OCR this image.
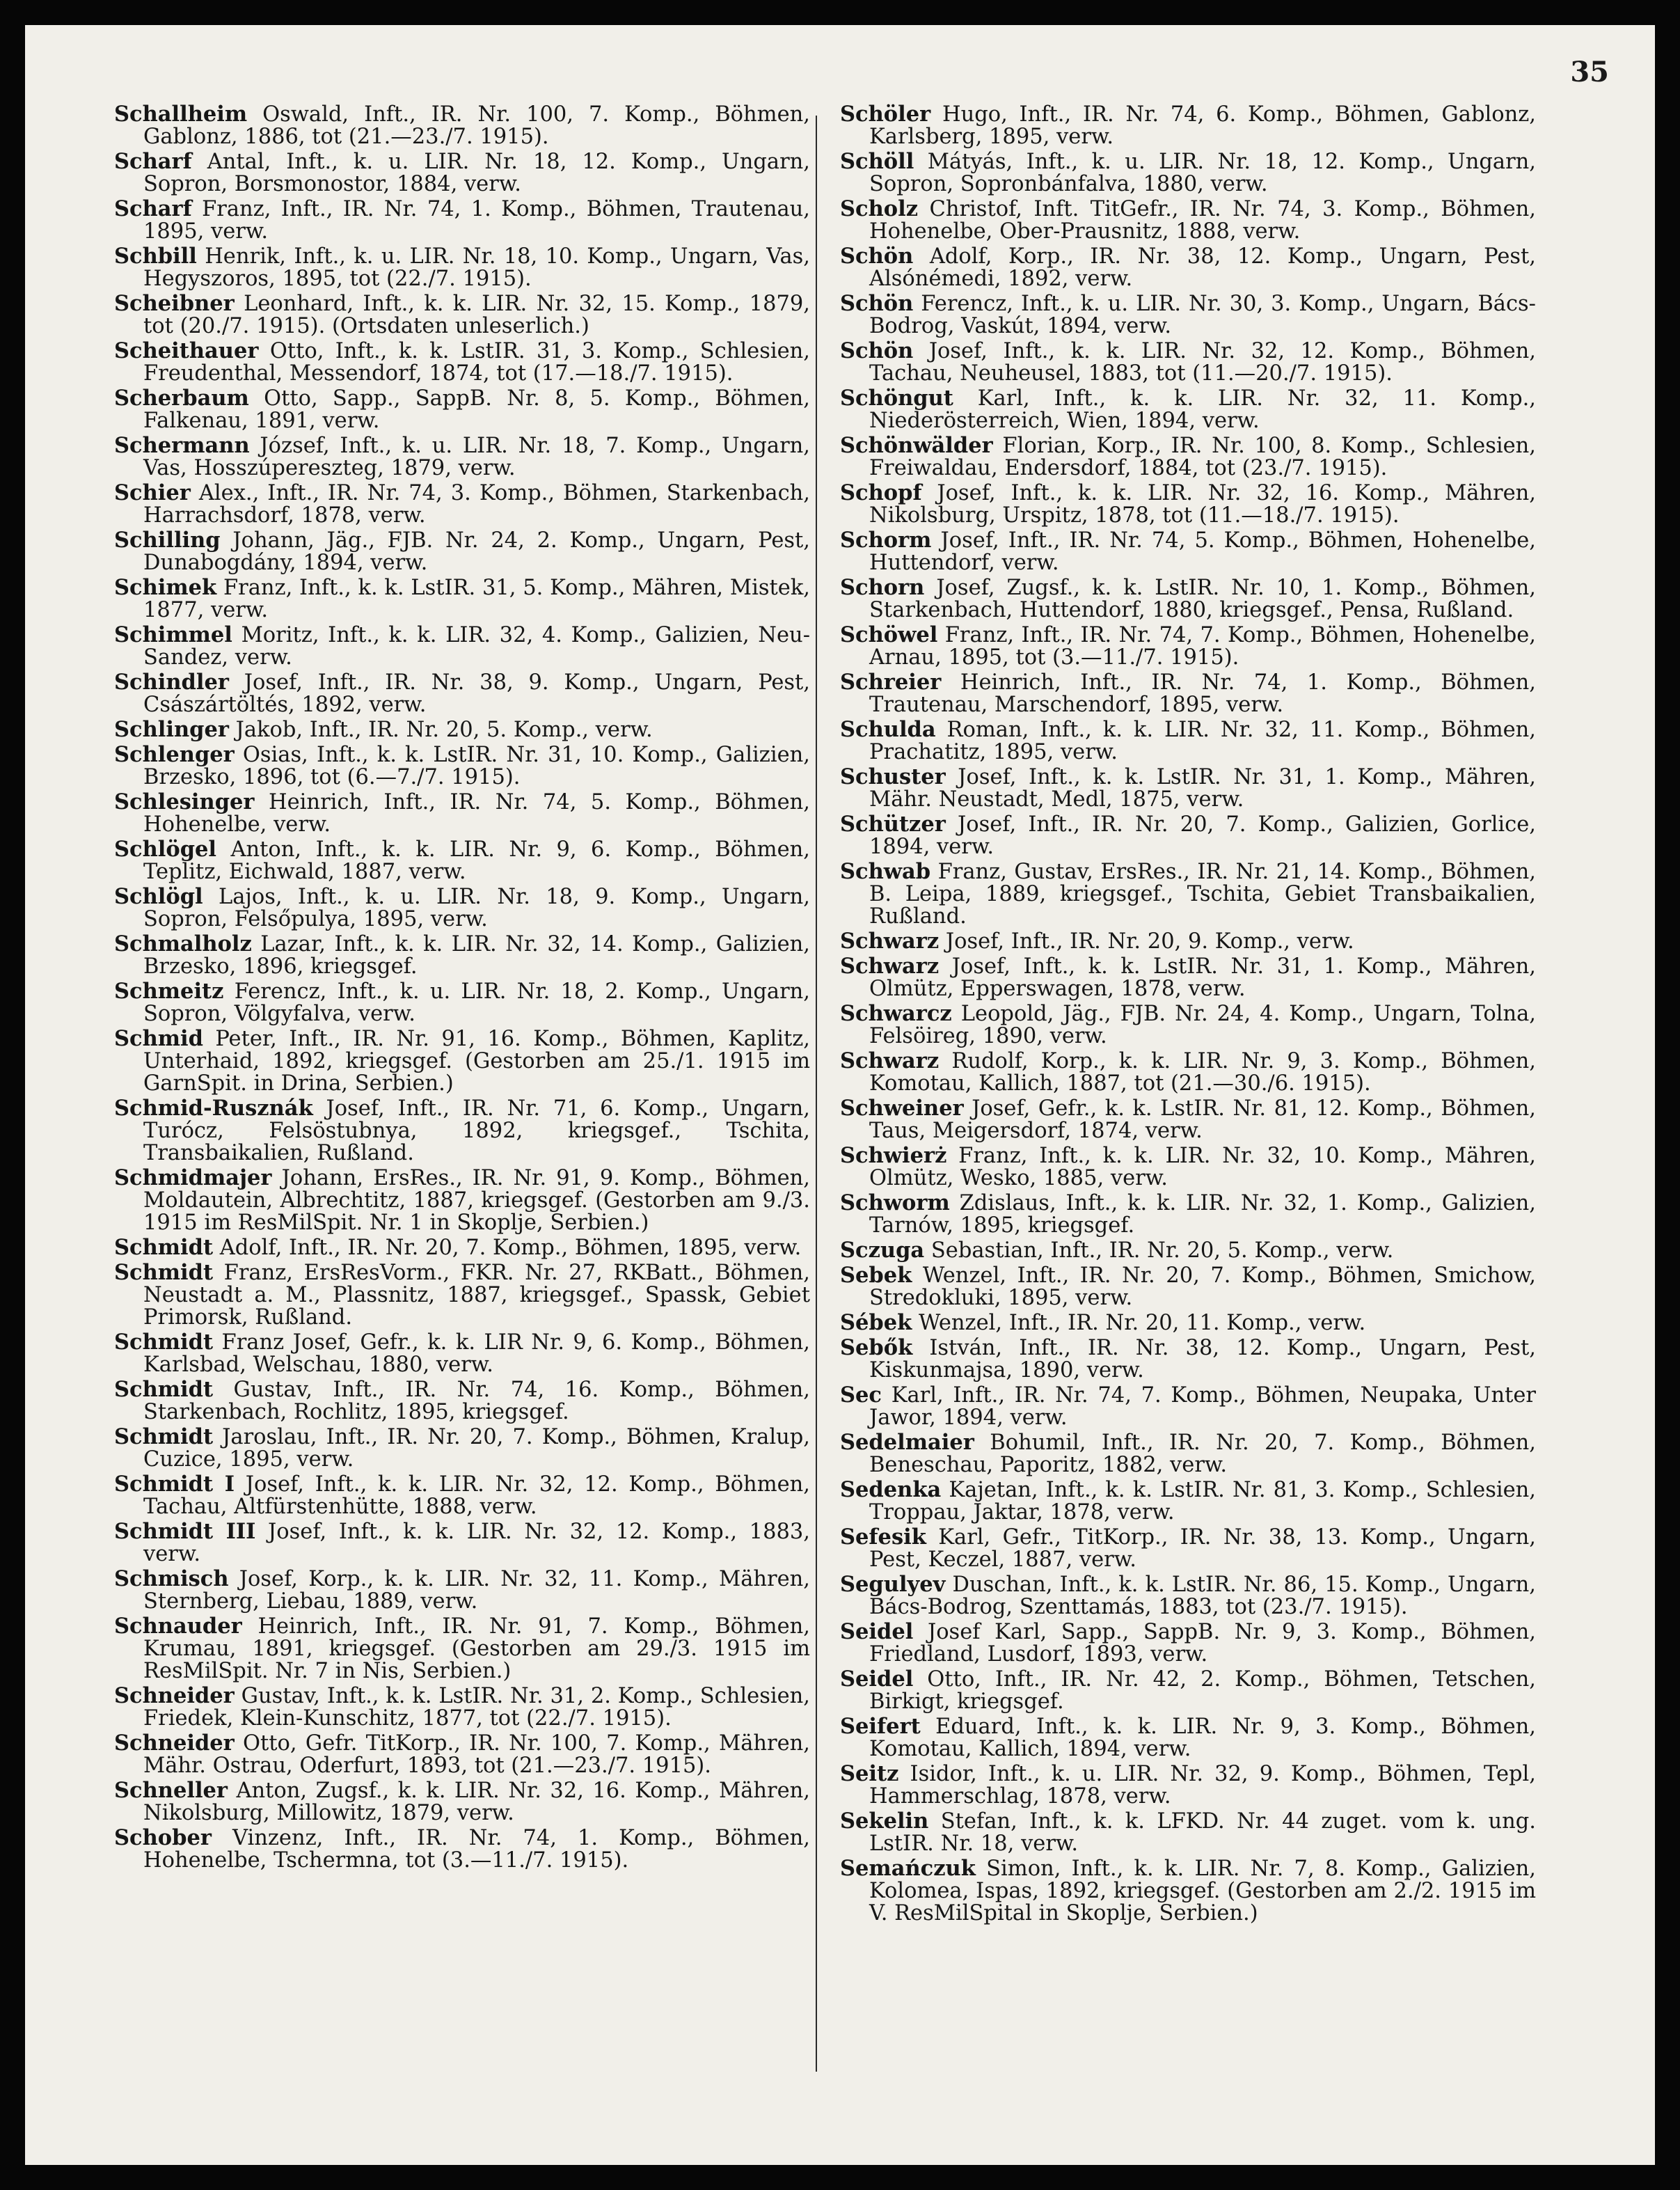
35

Schallheim Oswald, Inft., IR. Nr. 100, 7. Komp., Böhmen, Gablonz, 1886, tot (21.—23./7. 1915).

Scharf Antal, Inft., k. u. LIR. Nr. 18, 12. Komp., Ungarn, Sopron, Borsmonostor, 1884, verw.

Scharf Franz, Inft., IR. Nr. 74, 1. Komp., Böhmen, Trautenau, 1895, verw.

Schbill Henrik, Inft., k. u. LIR. Nr. 18, 10. Komp., Ungarn, Vas, Hegyszoros, 1895, tot (22./7. 1915).

Scheibner Leonhard, Inft., k. k. LIR. Nr. 32, 15. Komp., 1879, tot (20./7. 1915). (Ortsdaten unleserlich.)

Scheithauer Otto, Inft., k. k. LstIR. 31, 3. Komp., Schlesien, Freudenthal, Messendorf, 1874, tot (17.—18./7. 1915).

Scherbaum Otto, Sapp., SappB. Nr. 8, 5. Komp., Böhmen, Falkenau, 1891, verw.

Schermann József, Inft., k. u. LIR. Nr. 18, 7. Komp., Ungarn, Vas, Hosszúpereszteg, 1879, verw.

Schier Alex., Inft., IR. Nr. 74, 3. Komp., Böhmen, Starkenbach, Harrachsdorf, 1878, verw.

Schilling Johann, Jäg., FJB. Nr. 24, 2. Komp., Ungarn, Pest, Dunabogdány, 1894, verw.

Schimek Franz, Inft., k. k. LstIR. 31, 5. Komp., Mähren, Mistek, 1877, verw.

Schimmel Moritz, Inft., k. k. LIR. 32, 4. Komp., Galizien, Neu-Sandez, verw.

Schindler Josef, Inft., IR. Nr. 38, 9. Komp., Ungarn, Pest, Császártöltés, 1892, verw.

Schlinger Jakob, Inft., IR. Nr. 20, 5. Komp., verw.

Schlenger Osias, Inft., k. k. LstIR. Nr. 31, 10. Komp., Galizien, Brzesko, 1896, tot (6.—7./7. 1915).

Schlesinger Heinrich, Inft., IR. Nr. 74, 5. Komp., Böhmen, Hohenelbe, verw.

Schlögel Anton, Inft., k. k. LIR. Nr. 9, 6. Komp., Böhmen, Teplitz, Eichwald, 1887, verw.

Schlögl Lajos, Inft., k. u. LIR. Nr. 18, 9. Komp., Ungarn, Sopron, Felsőpulya, 1895, verw.

Schmalholz Lazar, Inft., k. k. LIR. Nr. 32, 14. Komp., Galizien, Brzesko, 1896, kriegsgef.

Schmeitz Ferencz, Inft., k. u. LIR. Nr. 18, 2. Komp., Ungarn, Sopron, Völgyfalva, verw.

Schmid Peter, Inft., IR. Nr. 91, 16. Komp., Böhmen, Kaplitz, Unterhaid, 1892, kriegsgef. (Gestorben am 25./1. 1915 im GarnSpit. in Drina, Serbien.)

Schmid-Rusznák Josef, Inft., IR. Nr. 71, 6. Komp., Ungarn, Turócz, Felsöstubnya, 1892, kriegsgef., Tschita, Transbaikalien, Rußland.

Schmidmajer Johann, ErsRes., IR. Nr. 91, 9. Komp., Böhmen, Moldautein, Albrechtitz, 1887, kriegsgef. (Gestorben am 9./3. 1915 im ResMilSpit. Nr. 1 in Skoplje, Serbien.)

Schmidt Adolf, Inft., IR. Nr. 20, 7. Komp., Böhmen, 1895, verw.

Schmidt Franz, ErsResVorm., FKR. Nr. 27, RKBatt., Böhmen, Neustadt a. M., Plassnitz, 1887, kriegsgef., Spassk, Gebiet Primorsk, Rußland.

Schmidt Franz Josef, Gefr., k. k. LIR Nr. 9, 6. Komp., Böhmen, Karlsbad, Welschau, 1880, verw.

Schmidt Gustav, Inft., IR. Nr. 74, 16. Komp., Böhmen, Starkenbach, Rochlitz, 1895, kriegsgef.

Schmidt Jaroslau, Inft., IR. Nr. 20, 7. Komp., Böhmen, Kralup, Cuzice, 1895, verw.

Schmidt I Josef, Inft., k. k. LIR. Nr. 32, 12. Komp., Böhmen, Tachau, Altfürstenhütte, 1888, verw.

Schmidt III Josef, Inft., k. k. LIR. Nr. 32, 12. Komp., 1883, verw.

Schmisch Josef, Korp., k. k. LIR. Nr. 32, 11. Komp., Mähren, Sternberg, Liebau, 1889, verw.

Schnauder Heinrich, Inft., IR. Nr. 91, 7. Komp., Böhmen, Krumau, 1891, kriegsgef. (Gestorben am 29./3. 1915 im ResMilSpit. Nr. 7 in Nis, Serbien.)

Schneider Gustav, Inft., k. k. LstIR. Nr. 31, 2. Komp., Schlesien, Friedek, Klein-Kunschitz, 1877, tot (22./7. 1915).

Schneider Otto, Gefr. TitKorp., IR. Nr. 100, 7. Komp., Mähren, Mähr. Ostrau, Oderfurt, 1893, tot (21.—23./7. 1915).

Schneller Anton, Zugsf., k. k. LIR. Nr. 32, 16. Komp., Mähren, Nikolsburg, Millowitz, 1879, verw.

Schober Vinzenz, Inft., IR. Nr. 74, 1. Komp., Böhmen, Hohenelbe, Tschermna, tot (3.—11./7. 1915).

Schöler Hugo, Inft., IR. Nr. 74, 6. Komp., Böhmen, Gablonz, Karlsberg, 1895, verw.

Schöll Mátyás, Inft., k. u. LIR. Nr. 18, 12. Komp., Ungarn, Sopron, Sopronbánfalva, 1880, verw.

Scholz Christof, Inft. TitGefr., IR. Nr. 74, 3. Komp., Böhmen, Hohenelbe, Ober-Prausnitz, 1888, verw.

Schön Adolf, Korp., IR. Nr. 38, 12. Komp., Ungarn, Pest, Alsónémedi, 1892, verw.

Schön Ferencz, Inft., k. u. LIR. Nr. 30, 3. Komp., Ungarn, Bács-Bodrog, Vaskút, 1894, verw.

Schön Josef, Inft., k. k. LIR. Nr. 32, 12. Komp., Böhmen, Tachau, Neuheusel, 1883, tot (11.—20./7. 1915).

Schöngut Karl, Inft., k. k. LIR. Nr. 32, 11. Komp., Niederösterreich, Wien, 1894, verw.

Schönwälder Florian, Korp., IR. Nr. 100, 8. Komp., Schlesien, Freiwaldau, Endersdorf, 1884, tot (23./7. 1915).

Schopf Josef, Inft., k. k. LIR. Nr. 32, 16. Komp., Mähren, Nikolsburg, Urspitz, 1878, tot (11.—18./7. 1915).

Schorm Josef, Inft., IR. Nr. 74, 5. Komp., Böhmen, Hohenelbe, Huttendorf, verw.

Schorn Josef, Zugsf., k. k. LstIR. Nr. 10, 1. Komp., Böhmen, Starkenbach, Huttendorf, 1880, kriegsgef., Pensa, Rußland.

Schöwel Franz, Inft., IR. Nr. 74, 7. Komp., Böhmen, Hohenelbe, Arnau, 1895, tot (3.—11./7. 1915).

Schreier Heinrich, Inft., IR. Nr. 74, 1. Komp., Böhmen, Trautenau, Marschendorf, 1895, verw.

Schulda Roman, Inft., k. k. LIR. Nr. 32, 11. Komp., Böhmen, Prachatitz, 1895, verw.

Schuster Josef, Inft., k. k. LstIR. Nr. 31, 1. Komp., Mähren, Mähr. Neustadt, Medl, 1875, verw.

Schützer Josef, Inft., IR. Nr. 20, 7. Komp., Galizien, Gorlice, 1894, verw.

Schwab Franz, Gustav, ErsRes., IR. Nr. 21, 14. Komp., Böhmen, B. Leipa, 1889, kriegsgef., Tschita, Gebiet Transbaikalien, Rußland.

Schwarz Josef, Inft., IR. Nr. 20, 9. Komp., verw.

Schwarz Josef, Inft., k. k. LstIR. Nr. 31, 1. Komp., Mähren, Olmütz, Epperswagen, 1878, verw.

Schwarcz Leopold, Jäg., FJB. Nr. 24, 4. Komp., Ungarn, Tolna, Felsöireg, 1890, verw.

Schwarz Rudolf, Korp., k. k. LIR. Nr. 9, 3. Komp., Böhmen, Komotau, Kallich, 1887, tot (21.—30./6. 1915).

Schweiner Josef, Gefr., k. k. LstIR. Nr. 81, 12. Komp., Böhmen, Taus, Meigersdorf, 1874, verw.

Schwierż Franz, Inft., k. k. LIR. Nr. 32, 10. Komp., Mähren, Olmütz, Wesko, 1885, verw.

Schworm Zdislaus, Inft., k. k. LIR. Nr. 32, 1. Komp., Galizien, Tarnów, 1895, kriegsgef.

Sczuga Sebastian, Inft., IR. Nr. 20, 5. Komp., verw.

Sebek Wenzel, Inft., IR. Nr. 20, 7. Komp., Böhmen, Smichow, Stredokluki, 1895, verw.

Sébek Wenzel, Inft., IR. Nr. 20, 11. Komp., verw.

Sebők István, Inft., IR. Nr. 38, 12. Komp., Ungarn, Pest, Kiskunmajsa, 1890, verw.

Sec Karl, Inft., IR. Nr. 74, 7. Komp., Böhmen, Neupaka, Unter Jawor, 1894, verw.

Sedelmaier Bohumil, Inft., IR. Nr. 20, 7. Komp., Böhmen, Beneschau, Paporitz, 1882, verw.

Sedenka Kajetan, Inft., k. k. LstIR. Nr. 81, 3. Komp., Schlesien, Troppau, Jaktar, 1878, verw.

Sefesik Karl, Gefr., TitKorp., IR. Nr. 38, 13. Komp., Ungarn, Pest, Keczel, 1887, verw.

Segulyev Duschan, Inft., k. k. LstIR. Nr. 86, 15. Komp., Ungarn, Bács-Bodrog, Szenttamás, 1883, tot (23./7. 1915).

Seidel Josef Karl, Sapp., SappB. Nr. 9, 3. Komp., Böhmen, Friedland, Lusdorf, 1893, verw.

Seidel Otto, Inft., IR. Nr. 42, 2. Komp., Böhmen, Tetschen, Birkigt, kriegsgef.

Seifert Eduard, Inft., k. k. LIR. Nr. 9, 3. Komp., Böhmen, Komotau, Kallich, 1894, verw.

Seitz Isidor, Inft., k. u. LIR. Nr. 32, 9. Komp., Böhmen, Tepl, Hammerschlag, 1878, verw.

Sekelin Stefan, Inft., k. k. LFKD. Nr. 44 zuget. vom k. ung. LstIR. Nr. 18, verw.

Semańczuk Simon, Inft., k. k. LIR. Nr. 7, 8. Komp., Galizien, Kolomea, Ispas, 1892, kriegsgef. (Gestorben am 2./2. 1915 im V. ResMilSpital in Skoplje, Serbien.)
